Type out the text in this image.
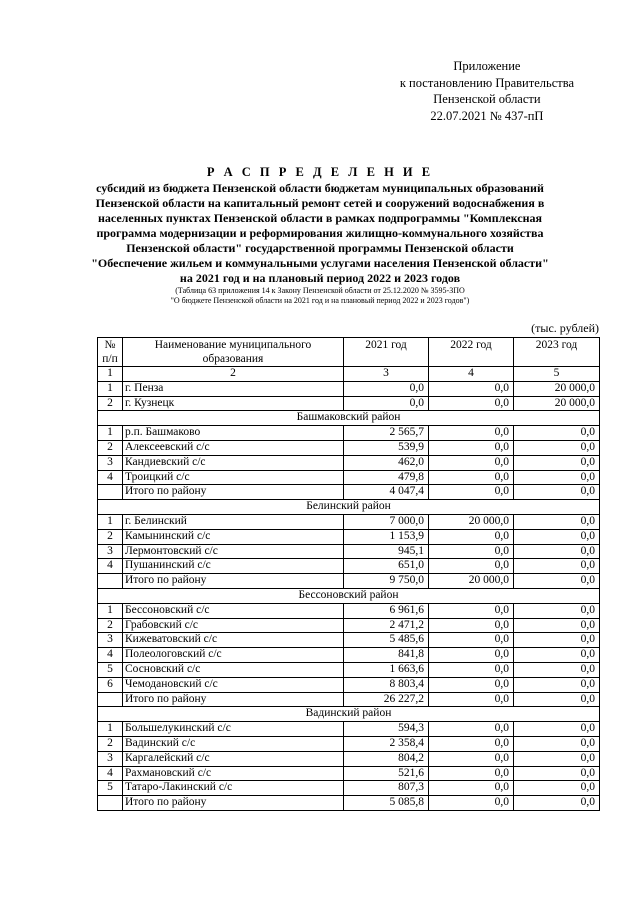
Приложение
к постановлению Правительства
Пензенской области
22.07.2021 № 437-пП
Р А С П Р Е Д Е Л Е Н И Е
субсидий из бюджета Пензенской области бюджетам муниципальных образований
Пензенской области на капитальный ремонт сетей и сооружений водоснабжения в
населенных пунктах Пензенской области в рамках подпрограммы "Комплексная
программа модернизации и реформирования жилищно-коммунального хозяйства
Пензенской области" государственной программы Пензенской области
"Обеспечение жильем и коммунальными услугами населения Пензенской области"
на 2021 год и на плановый период 2022 и 2023 годов
(Таблица 63 приложения 14 к Закону Пензенской области от 25.12.2020 № 3595-ЗПО
"О бюджете Пензенской области на 2021 год и на плановый период 2022 и 2023 годов")
(тыс. рублей)
№ п/п	Наименование муниципального образования	2021 год	2022 год	2023 год
1	2	3	4	5
1	г. Пенза	0,0	0,0	20 000,0
2	г. Кузнецк	0,0	0,0	20 000,0
Башмаковский район				
1	р.п. Башмаково	2 565,7	0,0	0,0
2	Алексеевский с/с	539,9	0,0	0,0
3	Кандиевский с/с	462,0	0,0	0,0
4	Троицкий с/с	479,8	0,0	0,0
	Итого по району	4 047,4	0,0	0,0
Белинский район				
1	г. Белинский	7 000,0	20 000,0	0,0
2	Камынинский с/с	1 153,9	0,0	0,0
3	Лермонтовский с/с	945,1	0,0	0,0
4	Пушанинский с/с	651,0	0,0	0,0
	Итого по району	9 750,0	20 000,0	0,0
Бессоновский район				
1	Бессоновский с/с	6 961,6	0,0	0,0
2	Грабовский с/с	2 471,2	0,0	0,0
3	Кижеватовский с/с	5 485,6	0,0	0,0
4	Полеологовский с/с	841,8	0,0	0,0
5	Сосновский с/с	1 663,6	0,0	0,0
6	Чемодановский с/с	8 803,4	0,0	0,0
	Итого по району	26 227,2	0,0	0,0
Вадинский район				
1	Большелукинский с/с	594,3	0,0	0,0
2	Вадинский с/с	2 358,4	0,0	0,0
3	Каргалейский с/с	804,2	0,0	0,0
4	Рахмановский с/с	521,6	0,0	0,0
5	Татаро-Лакинский с/с	807,3	0,0	0,0
	Итого по району	5 085,8	0,0	0,0
